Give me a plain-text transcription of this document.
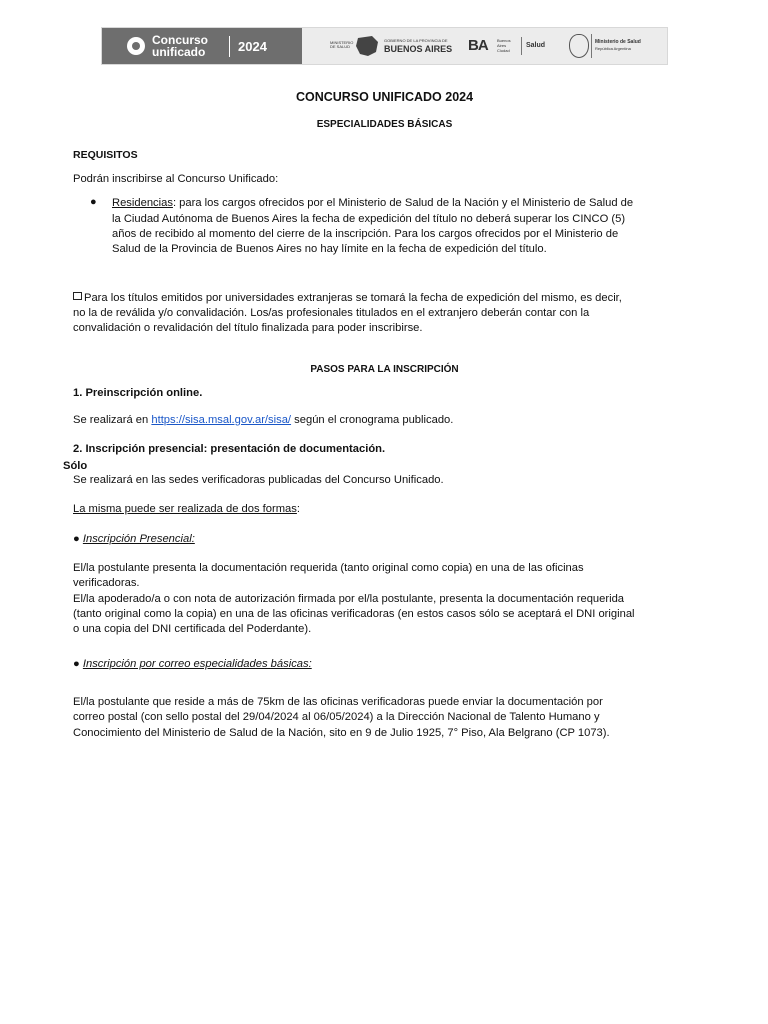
Concurso
unificado	2024	MINISTERIO DE SALUD
GOBIERNO DE LA PROVINCIA DE
BUENOS AIRES BA Buenos
Aires
Ciudad
Salud	Ministerio de Salud
República Argentina
CONCURSO UNIFICADO 2024
ESPECIALIDADES BÁSICAS
REQUISITOS
Podrán inscribirse al Concurso Unificado:
● Residencias: para los cargos ofrecidos por el Ministerio de Salud de la Nación y el Ministerio de Salud de
la Ciudad Autónoma de Buenos Aires la fecha de expedición del título no deberá superar los CINCO (5)
años de recibido al momento del cierre de la inscripción. Para los cargos ofrecidos por el Ministerio de
Salud de la Provincia de Buenos Aires no hay límite en la fecha de expedición del título.
Para los títulos emitidos por universidades extranjeras se tomará la fecha de expedición del mismo, es decir,
no la de reválida y/o convalidación. Los/as profesionales titulados en el extranjero deberán contar con la
convalidación o revalidación del título finalizada para poder inscribirse.
PASOS PARA LA INSCRIPCIÓN
1. Preinscripción online.
Se realizará en https://sisa.msal.gov.ar/sisa/ según el cronograma publicado.
2. Inscripción presencial: presentación de documentación.
Sólo
Se realizará en las sedes verificadoras publicadas del Concurso Unificado.
La misma puede ser realizada de dos formas:
● Inscripción Presencial:
El/la postulante presenta la documentación requerida (tanto original como copia) en una de las oficinas
verificadoras.
El/la apoderado/a o con nota de autorización firmada por el/la postulante, presenta la documentación requerida
(tanto original como la copia) en una de las oficinas verificadoras (en estos casos sólo se aceptará el DNI original
o una copia del DNI certificada del Poderdante).
● Inscripción por correo especialidades básicas:
El/la postulante que reside a más de 75km de las oficinas verificadoras puede enviar la documentación por
correo postal (con sello postal del 29/04/2024 al 06/05/2024) a la Dirección Nacional de Talento Humano y
Conocimiento del Ministerio de Salud de la Nación, sito en 9 de Julio 1925, 7° Piso, Ala Belgrano (CP 1073).
